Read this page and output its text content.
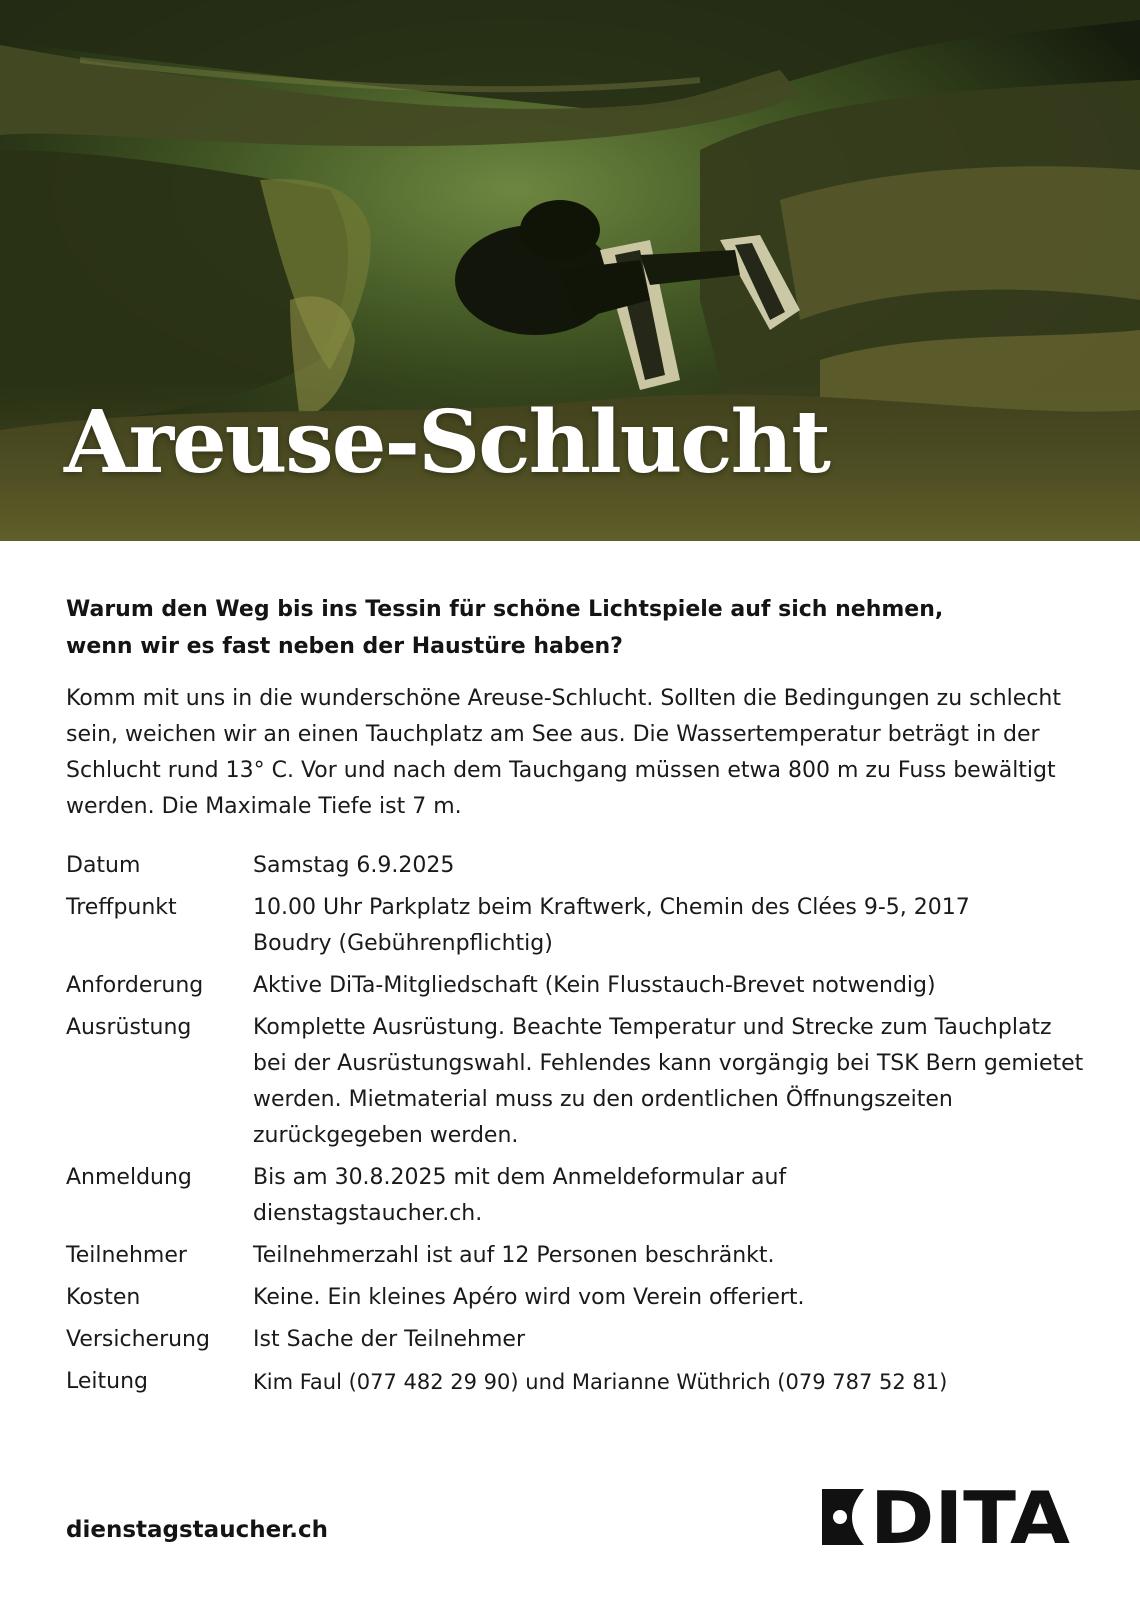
Areuse-Schlucht

Warum den Weg bis ins Tessin für schöne Lichtspiele auf sich nehmen,
wenn wir es fast neben der Haustüre haben?

Komm mit uns in die wunderschöne Areuse-Schlucht. Sollten die Bedingungen zu schlecht sein, weichen wir an einen Tauchplatz am See aus. Die Wassertemperatur beträgt in der Schlucht rund 13° C. Vor und nach dem Tauchgang müssen etwa 800 m zu Fuss bewältigt werden. Die Maximale Tiefe ist 7 m.

Datum	Samstag 6.9.2025
Treffpunkt	10.00 Uhr Parkplatz beim Kraftwerk, Chemin des Clées 9-5, 2017 Boudry (Gebührenpflichtig)
Anforderung	Aktive DiTa-Mitgliedschaft (Kein Flusstauch-Brevet notwendig)
Ausrüstung	Komplette Ausrüstung. Beachte Temperatur und Strecke zum Tauchplatz bei der Ausrüstungswahl. Fehlendes kann vorgängig bei TSK Bern gemietet werden. Mietmaterial muss zu den ordentlichen Öffnungszeiten zurückgegeben werden.
Anmeldung	Bis am 30.8.2025 mit dem Anmeldeformular auf dienstagstaucher.ch.
Teilnehmer	Teilnehmerzahl ist auf 12 Personen beschränkt.
Kosten	Keine. Ein kleines Apéro wird vom Verein offeriert.
Versicherung	Ist Sache der Teilnehmer
Leitung	Kim Faul (077 482 29 90) und Marianne Wüthrich (079 787 52 81)

dienstagstaucher.ch	DITA
